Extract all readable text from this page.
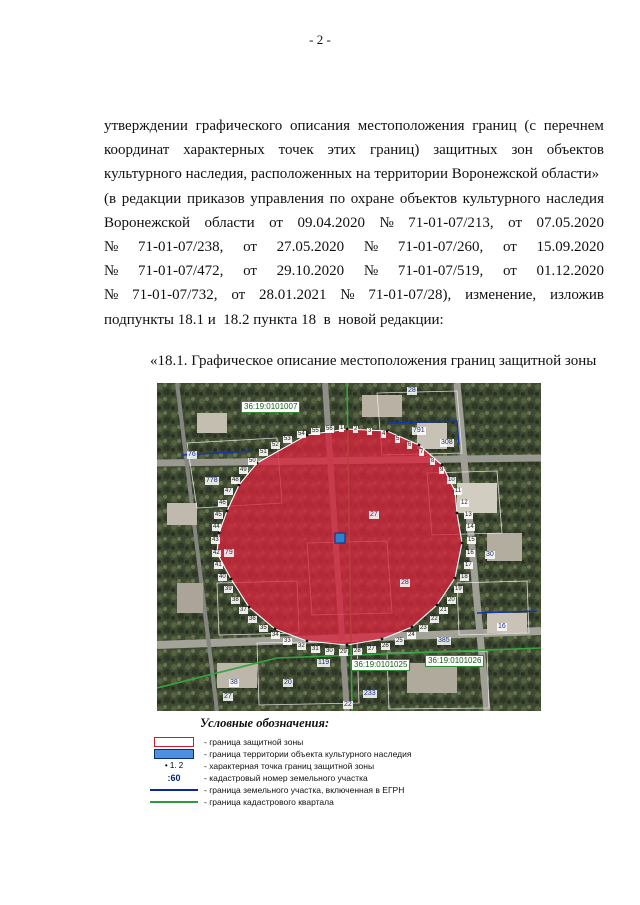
- 2 -
утверждении графического описания местоположения границ (с перечнем
координат характерных точек этих границ) защитных зон объектов
культурного наследия, расположенных на территории Воронежской области»
(в редакции приказов управления по охране объектов культурного наследия
Воронежской области от 09.04.2020 № 71-01-07/213, от 07.05.2020
№ 71-01-07/238, от 27.05.2020 № 71-01-07/260, от 15.09.2020
№ 71-01-07/472, от 29.10.2020 № 71-01-07/519, от 01.12.2020
№ 71-01-07/732, от 28.01.2021 № 71-01-07/28), изменение, изложив
подпункты 18.1 и  18.2 пункта 18  в  новой редакции:
«18.1. Графическое описание местоположения границ защитной зоны
36:19:0101007
36:19:0101025	36:19:0101026
28
791
308
76
778
79
27
28
30
385
16
119
233
38
27
20
22
1 2 3 4
5
6
7
8
9
10
11
12
13
14
15
16
17
18
19
20
21
22
23
24
25
26
27
28
29
30
31
32
33
34
35
36
37
38
39
40
41
42
43
44
45
46
47
48
49
50
51
52
53
54 55 56
Условные обозначения:
- граница защитной зоны
- граница территории объекта культурного наследия
• 1. 2 - характерная точка границ защитной зоны
:60	- кадастровый номер земельного участка
- граница земельного участка, включенная в ЕГРН
- граница кадастрового квартала
